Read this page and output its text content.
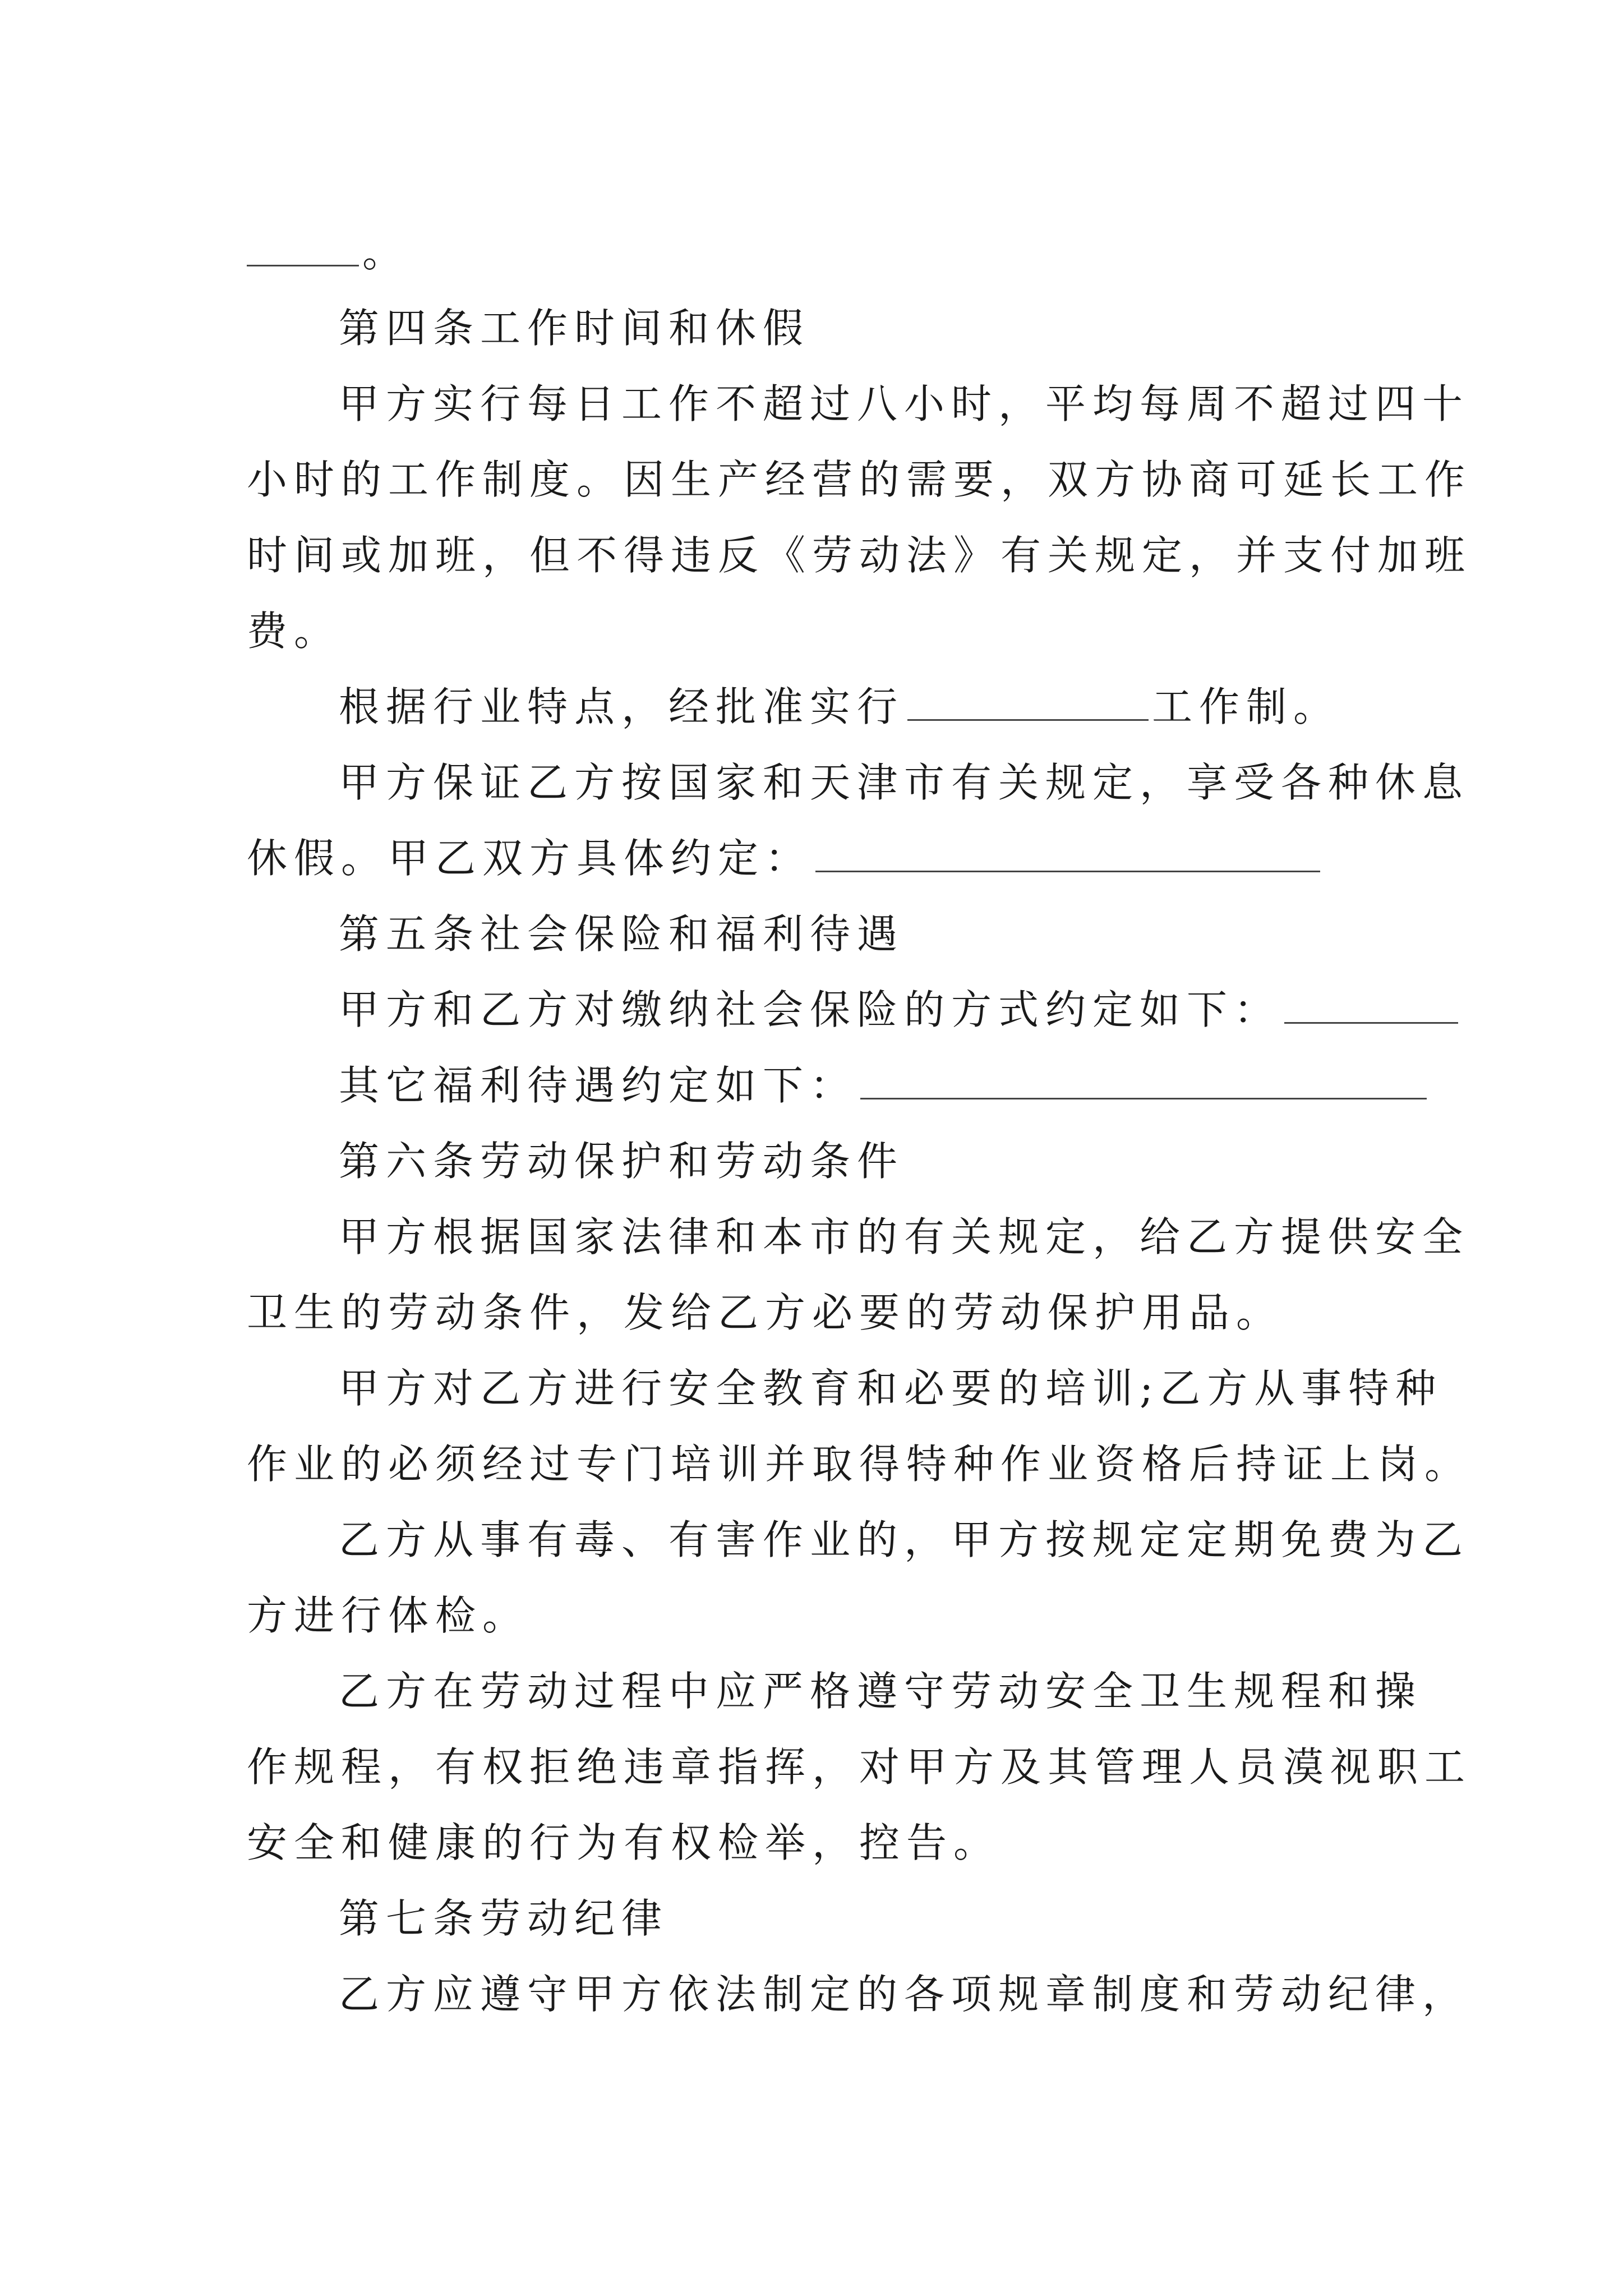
。
第四条工作时间和休假
甲方实行每日工作不超过八小时，平均每周不超过四十
小时的工作制度。因生产经营的需要，双方协商可延长工作
时间或加班，但不得违反《劳动法》有关规定，并支付加班
费。
根据行业特点，经批准实行	工作制。
甲方保证乙方按国家和天津市有关规定，享受各种休息
休假。甲乙双方具体约定：
第五条社会保险和福利待遇
甲方和乙方对缴纳社会保险的方式约定如下：
其它福利待遇约定如下：
第六条劳动保护和劳动条件
甲方根据国家法律和本市的有关规定，给乙方提供安全
卫生的劳动条件，发给乙方必要的劳动保护用品。
甲方对乙方进行安全教育和必要的培训;乙方从事特种
作业的必须经过专门培训并取得特种作业资格后持证上岗。
乙方从事有毒、有害作业的，甲方按规定定期免费为乙
方进行体检。
乙方在劳动过程中应严格遵守劳动安全卫生规程和操
作规程，有权拒绝违章指挥，对甲方及其管理人员漠视职工
安全和健康的行为有权检举，控告。
第七条劳动纪律
乙方应遵守甲方依法制定的各项规章制度和劳动纪律，
